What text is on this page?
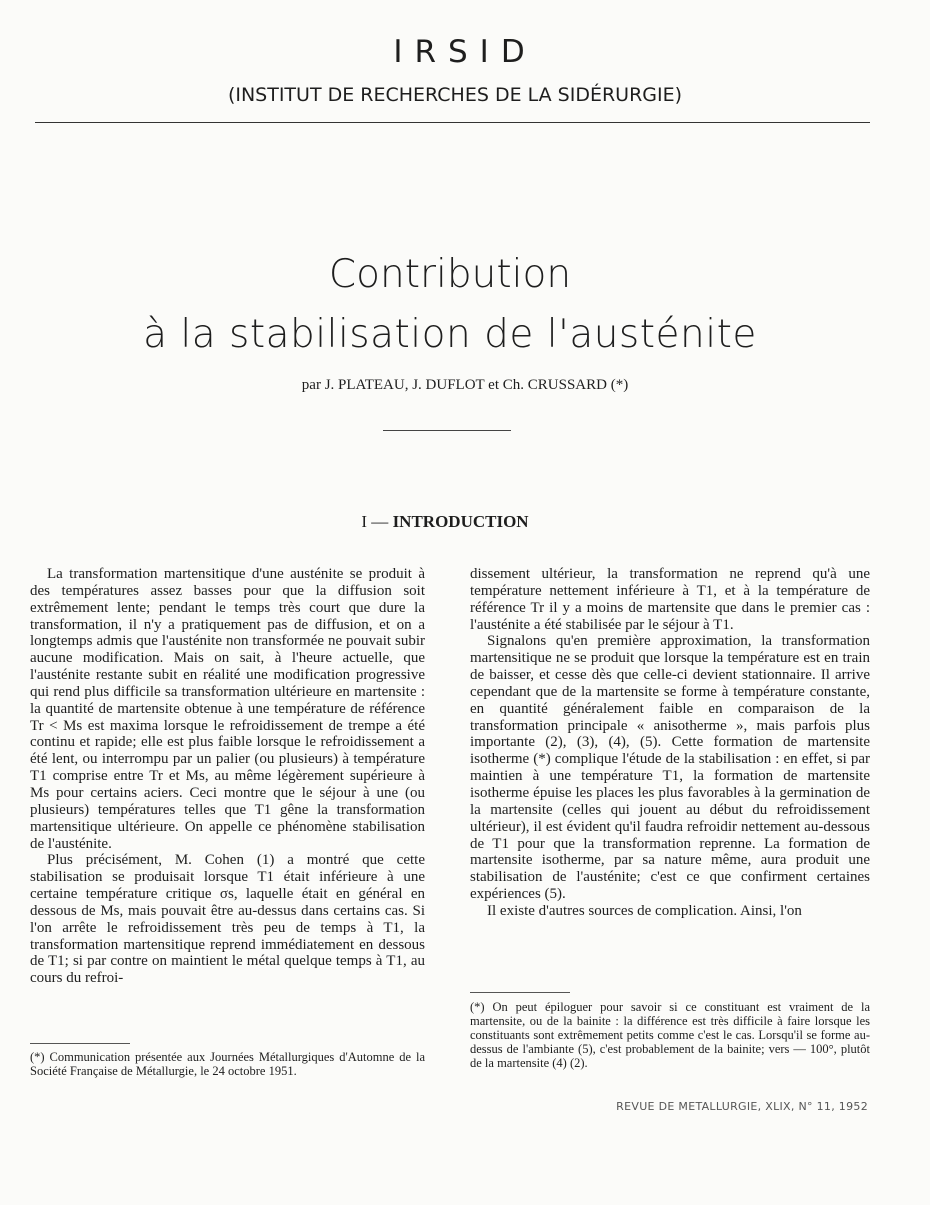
IRSID
(INSTITUT DE RECHERCHES DE LA SIDÉRURGIE)
Contribution
à la stabilisation de l'austénite
par J. PLATEAU, J. DUFLOT et Ch. CRUSSARD (*)
I — INTRODUCTION

La transformation martensitique d'une austénite se produit à des températures assez basses pour que la diffusion soit extrêmement lente; pendant le temps très court que dure la transformation, il n'y a pratiquement pas de diffusion, et on a longtemps admis que l'austénite non transformée ne pouvait subir aucune modification. Mais on sait, à l'heure actuelle, que l'austénite restante subit en réalité une modification progressive qui rend plus difficile sa transformation ultérieure en martensite : la quantité de martensite obtenue à une température de référence Tr < Ms est maxima lorsque le refroidissement de trempe a été continu et rapide; elle est plus faible lorsque le refroidissement a été lent, ou interrompu par un palier (ou plusieurs) à température T1 comprise entre Tr et Ms, au même légèrement supérieure à Ms pour certains aciers. Ceci montre que le séjour à une (ou plusieurs) températures telles que T1 gêne la transformation martensitique ultérieure. On appelle ce phénomène stabilisation de l'austénite.

Plus précisément, M. Cohen (1) a montré que cette stabilisation se produisait lorsque T1 était inférieure à une certaine température critique σs, laquelle était en général en dessous de Ms, mais pouvait être au-dessus dans certains cas. Si l'on arrête le refroidissement très peu de temps à T1, la transformation martensitique reprend immédiatement en dessous de T1; si par contre on maintient le métal quelque temps à T1, au cours du refroi-

dissement ultérieur, la transformation ne reprend qu'à une température nettement inférieure à T1, et à la température de référence Tr il y a moins de martensite que dans le premier cas : l'austénite a été stabilisée par le séjour à T1.

Signalons qu'en première approximation, la transformation martensitique ne se produit que lorsque la température est en train de baisser, et cesse dès que celle-ci devient stationnaire. Il arrive cependant que de la martensite se forme à température constante, en quantité généralement faible en comparaison de la transformation principale « anisotherme », mais parfois plus importante (2), (3), (4), (5). Cette formation de martensite isotherme (*) complique l'étude de la stabilisation : en effet, si par maintien à une température T1, la formation de martensite isotherme épuise les places les plus favorables à la germination de la martensite (celles qui jouent au début du refroidissement ultérieur), il est évident qu'il faudra refroidir nettement au-dessous de T1 pour que la transformation reprenne. La formation de martensite isotherme, par sa nature même, aura produit une stabilisation de l'austénite; c'est ce que confirment certaines expériences (5).

Il existe d'autres sources de complication. Ainsi, l'on

(*) Communication présentée aux Journées Métallurgiques d'Automne de la Société Française de Métallurgie, le 24 octobre 1951.
(*) On peut épiloguer pour savoir si ce constituant est vraiment de la martensite, ou de la bainite : la différence est très difficile à faire lorsque les constituants sont extrêmement petits comme c'est le cas. Lorsqu'il se forme au-dessus de l'ambiante (5), c'est probablement de la bainite; vers — 100°, plutôt de la martensite (4) (2).
REVUE DE METALLURGIE, XLIX, N° 11, 1952
